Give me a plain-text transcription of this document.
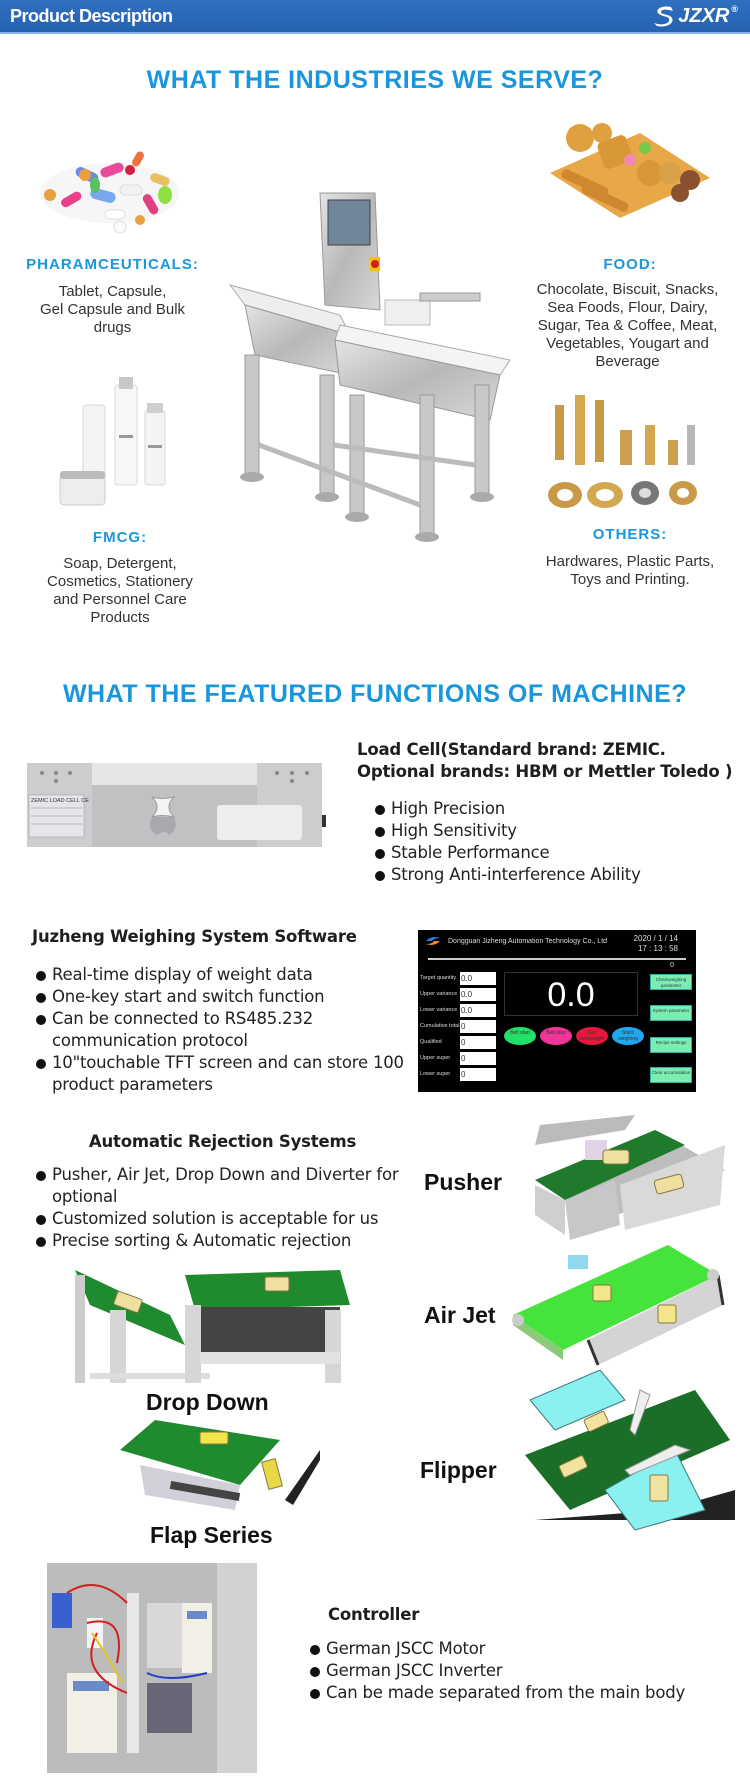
Product Description	JZXR ®
WHAT THE INDUSTRIES WE SERVE?
PHARAMCEUTICALS:
Tablet, Capsule,
Gel Capsule and Bulk
drugs
FMCG:
Soap, Detergent,
Cosmetics, Stationery
and Personnel Care
Products
FOOD:
Chocolate, Biscuit, Snacks,
Sea Foods, Flour, Dairy,
Sugar, Tea & Coffee, Meat,
Vegetables, Yougart and
Beverage
OTHERS:
Hardwares, Plastic Parts,
Toys and Printing.
WHAT THE FEATURED FUNCTIONS OF MACHINE?
ZEMIC LOAD CELL CE
Load Cell(Standard brand: ZEMIC.
Optional brands: HBM or Mettler Toledo )
High Precision
High Sensitivity
Stable Performance
Strong Anti-interference Ability
Juzheng Weighing System Software
Real-time display of weight data
One-key start and switch function
Can be connected to RS485.232 communication protocol
10"touchable TFT screen and can store 100 product parameters
Dongguan Jizheng Automation Technology Co., Ltd	2020 / 1 / 14
17 : 13 : 58
0
Target quantity 0.0
Upper variance 0.0
Lower variance 0.0
Cumulative total 0
Qualified	0
Upper super	0
Lower super	0
0.0
Belt start	Belt stop	Get overweight
Static weighing
Checkweighing parameter
System parameter
Recipe settings
Clear accumulation
Automatic Rejection Systems
Pusher, Air Jet, Drop Down and Diverter for optional
Customized solution is acceptable for us
Precise sorting & Automatic rejection
Pusher
Air Jet
Drop Down
Flap Series
Flipper
Controller
German JSCC Motor
German JSCC Inverter
Can be made separated from the main body
